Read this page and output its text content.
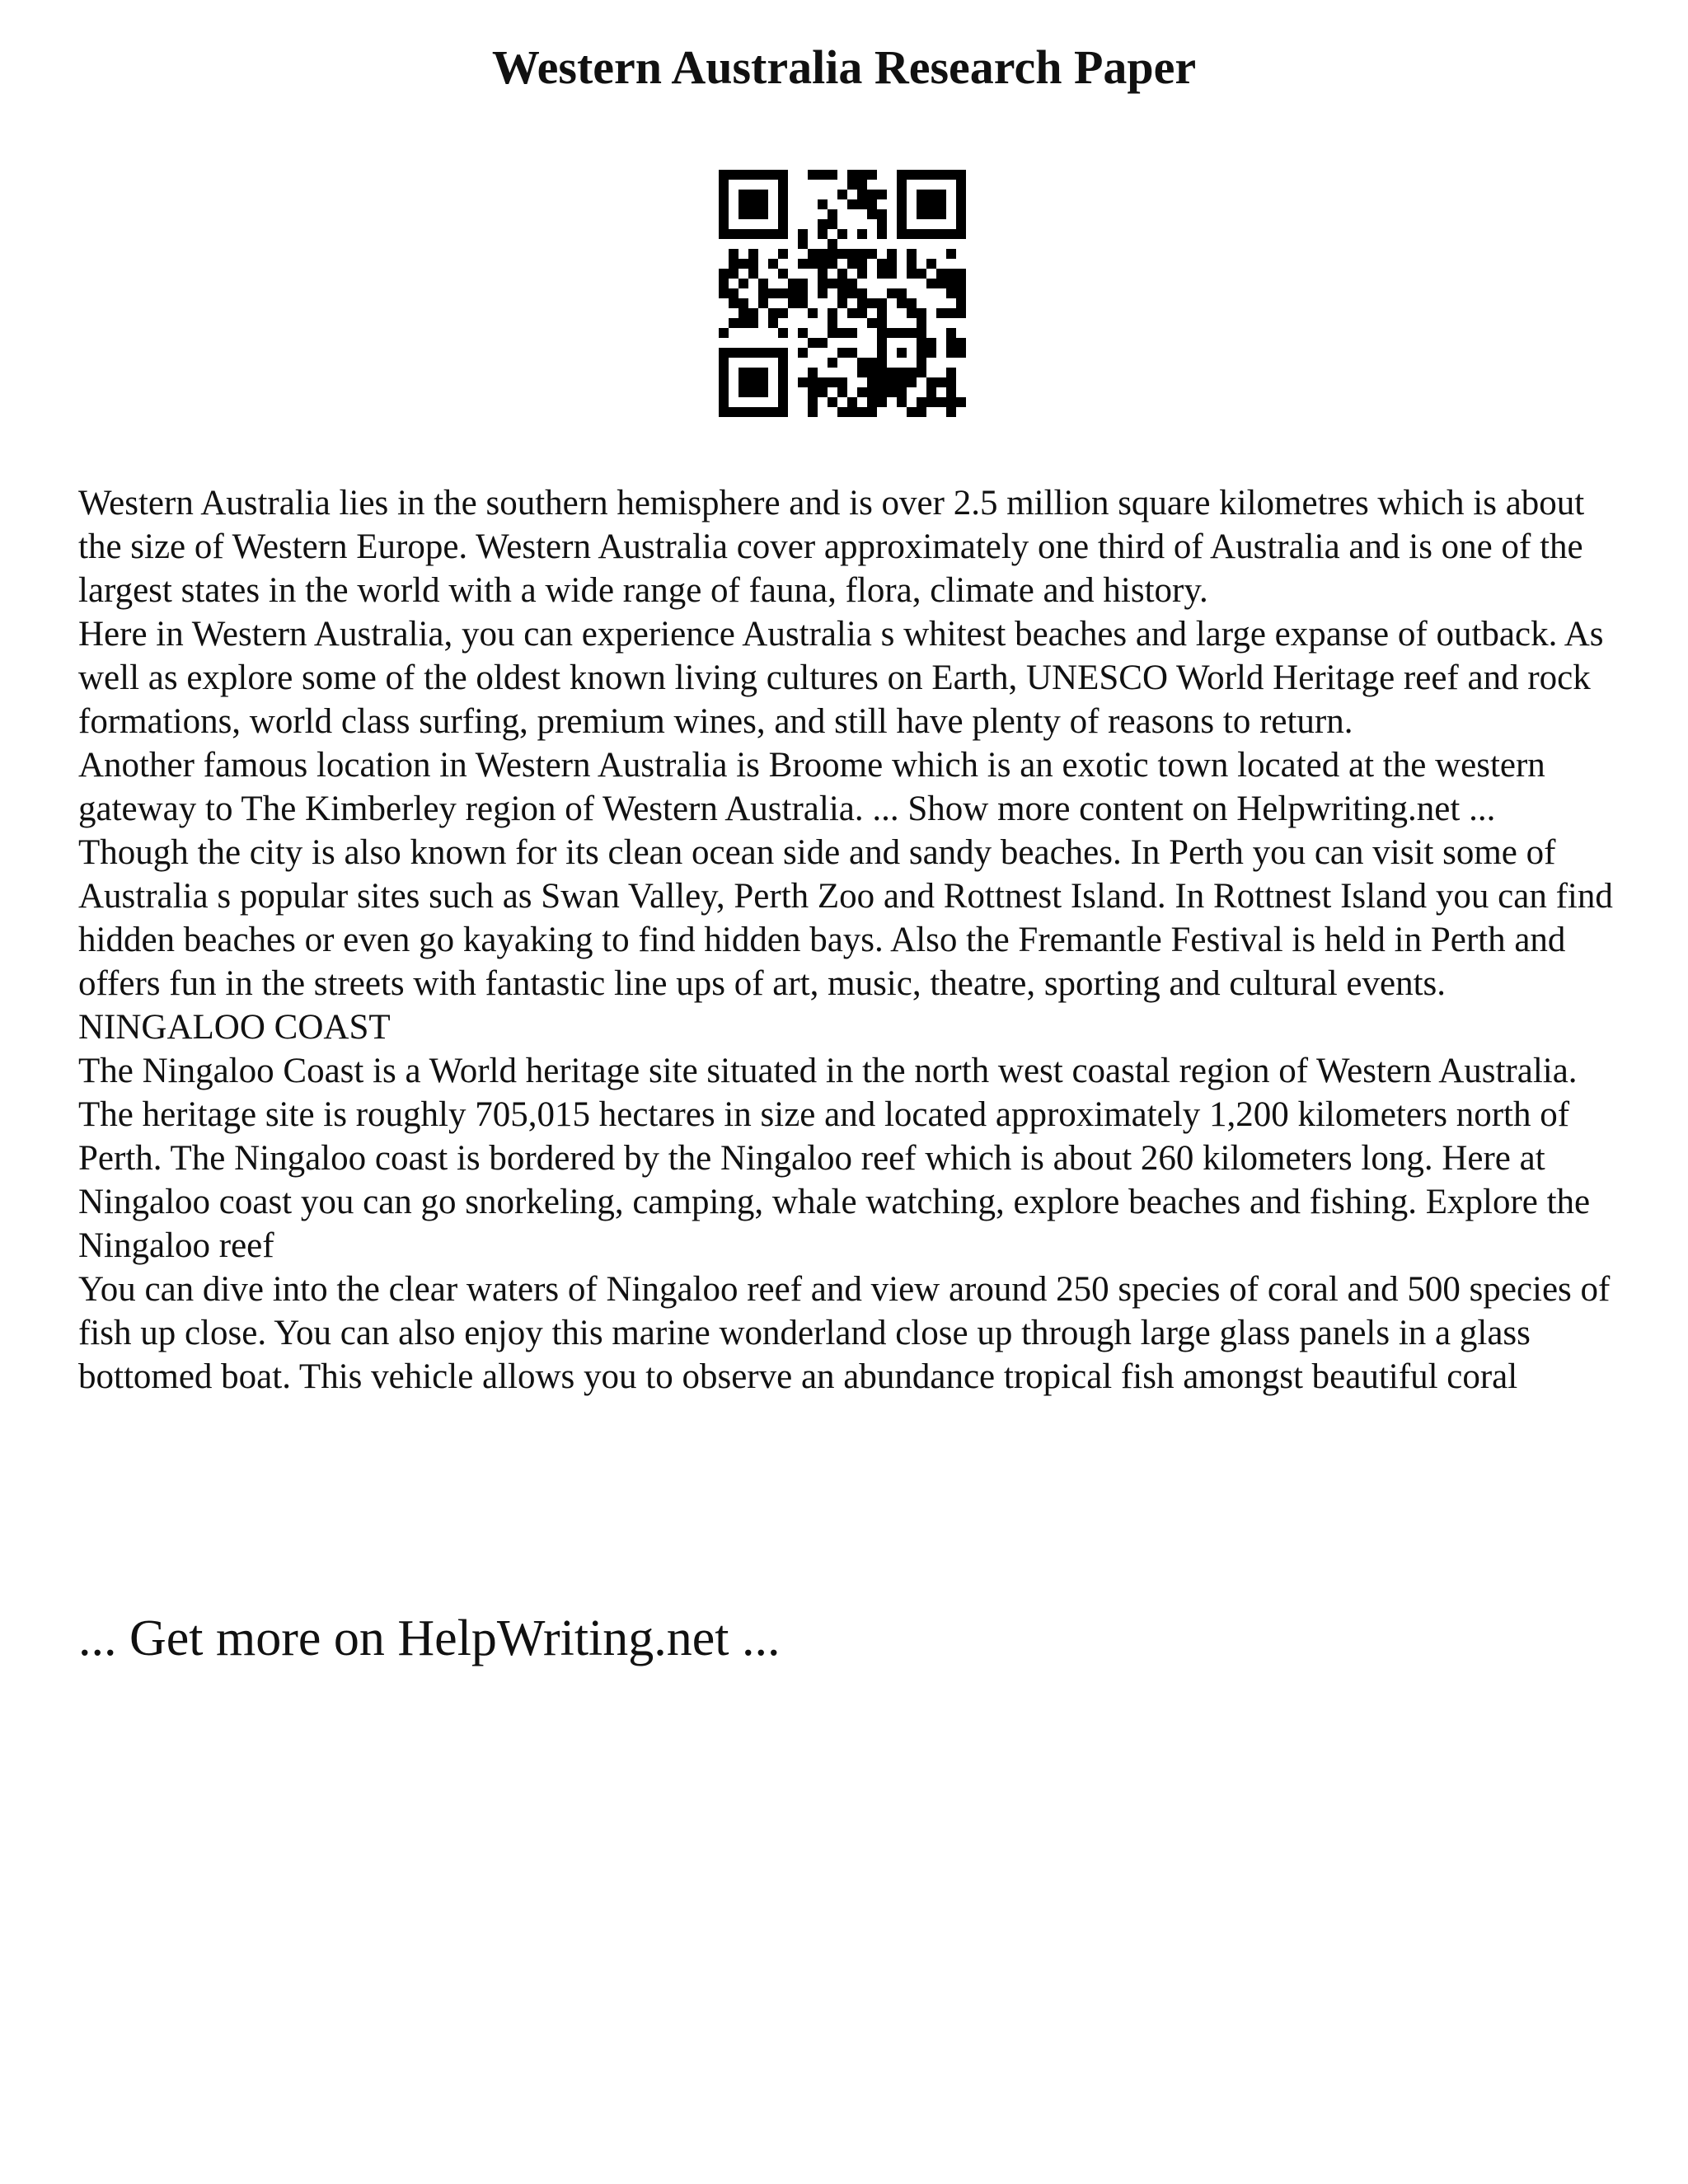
Western Australia Research Paper

Western Australia lies in the southern hemisphere and is over 2.5 million square kilometres which is about the size of Western Europe. Western Australia cover approximately one third of Australia and is one of the largest states in the world with a wide range of fauna, flora, climate and history.

Here in Western Australia, you can experience Australia s whitest beaches and large expanse of outback. As well as explore some of the oldest known living cultures on Earth, UNESCO World Heritage reef and rock formations, world class surfing, premium wines, and still have plenty of reasons to return.

Another famous location in Western Australia is Broome which is an exotic town located at the western gateway to The Kimberley region of Western Australia. ... Show more content on Helpwriting.net ...

Though the city is also known for its clean ocean side and sandy beaches. In Perth you can visit some of Australia s popular sites such as Swan Valley, Perth Zoo and Rottnest Island. In Rottnest Island you can find hidden beaches or even go kayaking to find hidden bays. Also the Fremantle Festival is held in Perth and offers fun in the streets with fantastic line ups of art, music, theatre, sporting and cultural events.

NINGALOO COAST

The Ningaloo Coast is a World heritage site situated in the north west coastal region of Western Australia. The heritage site is roughly 705,015 hectares in size and located approximately 1,200 kilometers north of Perth. The Ningaloo coast is bordered by the Ningaloo reef which is about 260 kilometers long. Here at Ningaloo coast you can go snorkeling, camping, whale watching, explore beaches and fishing. Explore the Ningaloo reef

You can dive into the clear waters of Ningaloo reef and view around 250 species of coral and 500 species of fish up close. You can also enjoy this marine wonderland close up through large glass panels in a glass bottomed boat. This vehicle allows you to observe an abundance tropical fish amongst beautiful coral

... Get more on HelpWriting.net ...
